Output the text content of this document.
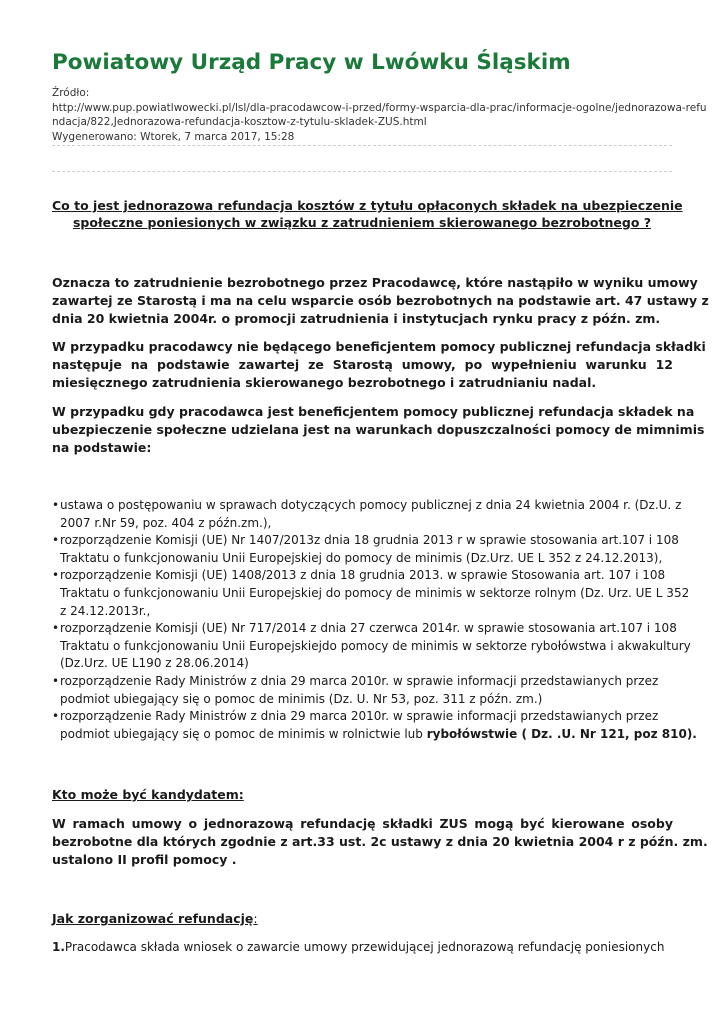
Powiatowy Urząd Pracy w Lwówku Śląskim
Źródło:
http://www.pup.powiatlwowecki.pl/lsl/dla-pracodawcow-i-przed/formy-wsparcia-dla-prac/informacje-ogolne/jednorazowa-refu
ndacja/822,Jednorazowa-refundacja-kosztow-z-tytulu-skladek-ZUS.html
Wygenerowano: Wtorek, 7 marca 2017, 15:28
Co to jest jednorazowa refundacja kosztów z tytułu opłaconych składek na ubezpieczenie
społeczne poniesionych w związku z zatrudnieniem skierowanego bezrobotnego ?
Oznacza to zatrudnienie bezrobotnego przez Pracodawcę, które nastąpiło w wyniku umowy
zawartej ze Starostą i ma na celu wsparcie osób bezrobotnych na podstawie art. 47 ustawy z
dnia 20 kwietnia 2004r. o promocji zatrudnienia i instytucjach rynku pracy z późn. zm.
W przypadku pracodawcy nie będącego beneficjentem pomocy publicznej refundacja składki
następuje na podstawie zawartej ze Starostą umowy, po wypełnieniu warunku 12
miesięcznego zatrudnienia skierowanego bezrobotnego i zatrudnianiu nadal.
W przypadku gdy pracodawca jest beneficjentem pomocy publicznej refundacja składek na
ubezpieczenie społeczne udzielana jest na warunkach dopuszczalności pomocy de mimnimis
na podstawie:
• ustawa o postępowaniu w sprawach dotyczących pomocy publicznej z dnia 24 kwietnia 2004 r. (Dz.U. z
2007 r.Nr 59, poz. 404 z późn.zm.),
• rozporządzenie Komisji (UE) Nr 1407/2013z dnia 18 grudnia 2013 r w sprawie stosowania art.107 i 108
Traktatu o funkcjonowaniu Unii Europejskiej do pomocy de minimis (Dz.Urz. UE L 352 z 24.12.2013),
• rozporządzenie Komisji (UE) 1408/2013 z dnia 18 grudnia 2013. w sprawie Stosowania art. 107 i 108
Traktatu o funkcjonowaniu Unii Europejskiej do pomocy de minimis w sektorze rolnym (Dz. Urz. UE L 352
z 24.12.2013r.,
• rozporządzenie Komisji (UE) Nr 717/2014 z dnia 27 czerwca 2014r. w sprawie stosowania art.107 i 108
Traktatu o funkcjonowaniu Unii Europejskiejdo pomocy de minimis w sektorze rybołówstwa i akwakultury
(Dz.Urz. UE L190 z 28.06.2014)
• rozporządzenie Rady Ministrów z dnia 29 marca 2010r. w sprawie informacji przedstawianych przez
podmiot ubiegający się o pomoc de minimis (Dz. U. Nr 53, poz. 311 z późn. zm.)
• rozporządzenie Rady Ministrów z dnia 29 marca 2010r. w sprawie informacji przedstawianych przez
podmiot ubiegający się o pomoc de minimis w rolnictwie lub rybołówstwie ( Dz. .U. Nr 121, poz 810).
Kto może być kandydatem:
W ramach umowy o jednorazową refundację składki ZUS mogą być kierowane osoby
bezrobotne dla których zgodnie z art.33 ust. 2c ustawy z dnia 20 kwietnia 2004 r z późn. zm.
ustalono II profil pomocy .
Jak zorganizować refundację:
1.Pracodawca składa wniosek o zawarcie umowy przewidującej jednorazową refundację poniesionych
